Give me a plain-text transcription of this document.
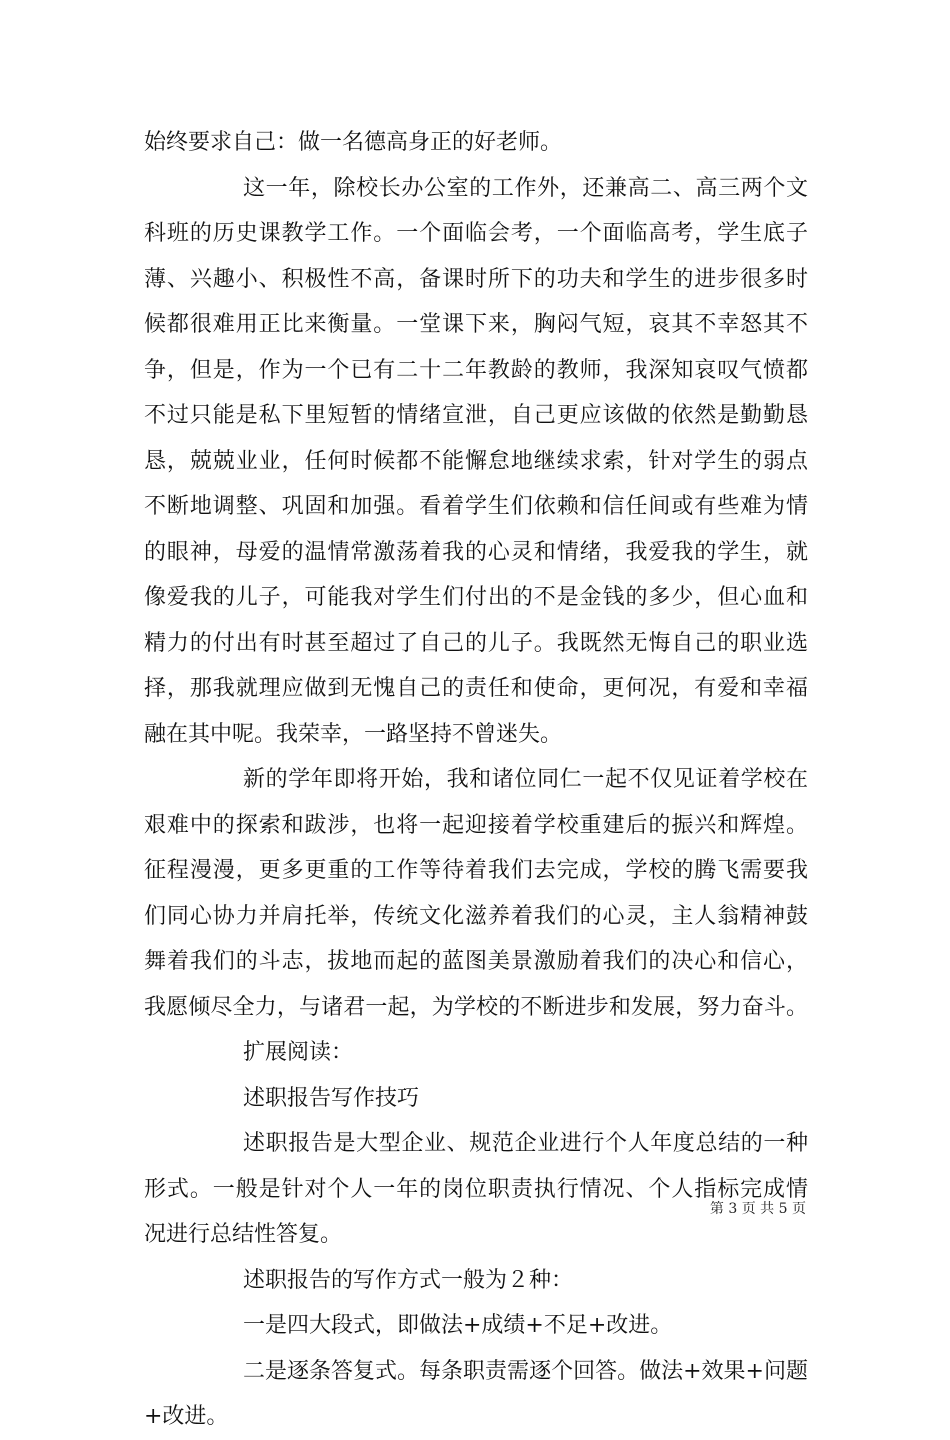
始终要求自己：做一名德高身正的好老师。
这一年，除校长办公室的工作外，还兼高二、高三两个文
科班的历史课教学工作。一个面临会考，一个面临高考，学生底子
薄、兴趣小、积极性不高，备课时所下的功夫和学生的进步很多时
候都很难用正比来衡量。一堂课下来，胸闷气短，哀其不幸怒其不
争，但是，作为一个已有二十二年教龄的教师，我深知哀叹气愤都
不过只能是私下里短暂的情绪宣泄，自己更应该做的依然是勤勤恳
恳，兢兢业业，任何时候都不能懈怠地继续求索，针对学生的弱点
不断地调整、巩固和加强。看着学生们依赖和信任间或有些难为情
的眼神，母爱的温情常激荡着我的心灵和情绪，我爱我的学生，就
像爱我的儿子，可能我对学生们付出的不是金钱的多少，但心血和
精力的付出有时甚至超过了自己的儿子。我既然无悔自己的职业选
择，那我就理应做到无愧自己的责任和使命，更何况，有爱和幸福
融在其中呢。我荣幸，一路坚持不曾迷失。
新的学年即将开始，我和诸位同仁一起不仅见证着学校在
艰难中的探索和跋涉，也将一起迎接着学校重建后的振兴和辉煌。
征程漫漫，更多更重的工作等待着我们去完成，学校的腾飞需要我
们同心协力并肩托举，传统文化滋养着我们的心灵，主人翁精神鼓
舞着我们的斗志，拔地而起的蓝图美景激励着我们的决心和信心，
我愿倾尽全力，与诸君一起，为学校的不断进步和发展，努力奋斗。
扩展阅读：
述职报告写作技巧
述职报告是大型企业、规范企业进行个人年度总结的一种
形式。一般是针对个人一年的岗位职责执行情况、个人指标完成情
况进行总结性答复。
述职报告的写作方式一般为２种：
一是四大段式，即做法+成绩+不足+改进。
二是逐条答复式。每条职责需逐个回答。做法+效果+问题
+改进。
第 3 页 共 5 页
